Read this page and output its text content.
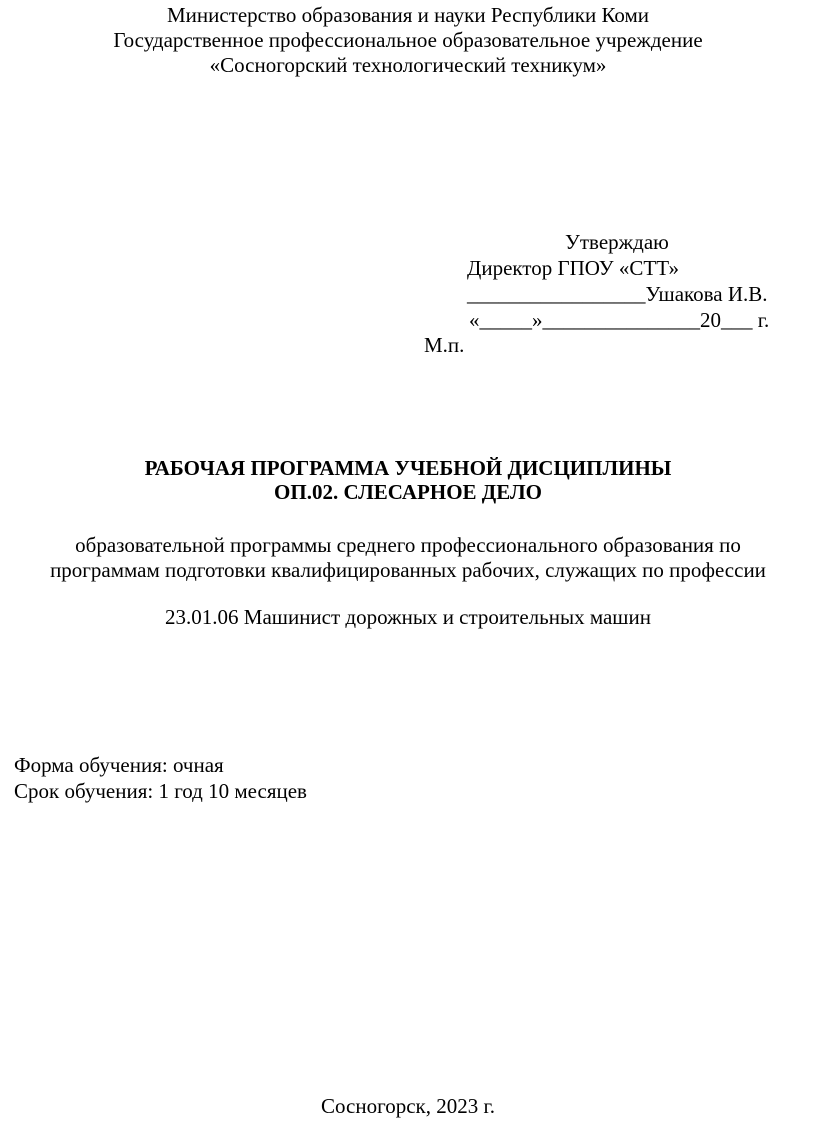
Министерство образования и науки Республики Коми
Государственное профессиональное образовательное учреждение
«Сосногорский технологический техникум»
Утверждаю
Директор ГПОУ «СТТ»
_________________Ушакова И.В.
«_____»_______________20___ г.
М.п.
РАБОЧАЯ ПРОГРАММА УЧЕБНОЙ ДИСЦИПЛИНЫ
ОП.02. СЛЕСАРНОЕ ДЕЛО
образовательной программы среднего профессионального образования по
программам подготовки квалифицированных рабочих, служащих по профессии
23.01.06 Машинист дорожных и строительных машин
Форма обучения: очная
Срок обучения: 1 год 10 месяцев
Сосногорск, 2023 г.
